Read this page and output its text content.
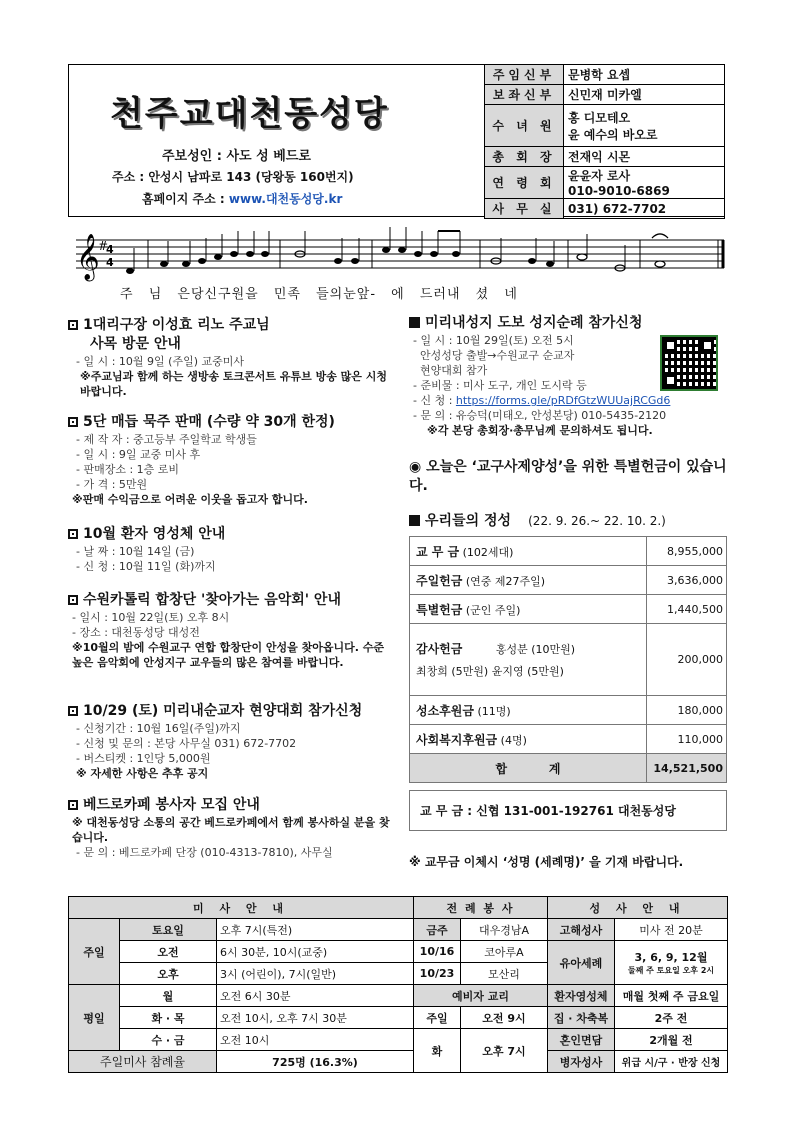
천주교대천동성당
주보성인 : 사도 성 베드로
주소 : 안성시 남파로 143 (당왕동 160번지)
홈페이지 주소 : www.대천동성당.kr
주임신부	문병학 요셉
보좌신부	신민재 미카엘
수 녀 원	홍 디모테오
윤 예수의 바오로

총 회 장	전재익 시몬
연 령 회	윤윤자 로사
010-9010-6869

사 무 실	031) 672-7702
𝄞
#
4
4
주 님 은당신구원을 민족 들의눈앞- 에 드러내 셨 네
1대리구장 이성효 리노 주교님
사목 방문 안내
- 일 시 : 10월 9일 (주일) 교중미사
※주교님과 함께 하는 생방송 토크콘서트 유튜브 방송 많은 시청 바랍니다.
5단 매듭 묵주 판매 (수량 약 30개 한정)
- 제 작 자 : 중고등부 주일학교 학생들
- 일 시 : 9일 교중 미사 후
- 판매장소 : 1층 로비
- 가 격 : 5만원
※판매 수익금으로 어려운 이웃을 돕고자 합니다.
10월 환자 영성체 안내
- 날 짜 : 10월 14일 (금)
- 신 청 : 10월 11일 (화)까지
수원카톨릭 합창단 '찾아가는 음악회' 안내
- 일시 : 10월 22일(토) 오후 8시
- 장소 : 대천동성당 대성전
※10월의 밤에 수원교구 연합 합창단이 안성을 찾아옵니다. 수준 높은 음악회에 안성지구 교우들의 많은 참여를 바랍니다.
10/29 (토) 미리내순교자 현양대회 참가신청
- 신청기간 : 10월 16일(주일)까지
- 신청 및 문의 : 본당 사무실 031) 672-7702
- 버스티켓 : 1인당 5,000원
※ 자세한 사항은 추후 공지
베드로카페 봉사자 모집 안내
※ 대천동성당 소통의 공간 베드로카페에서 함께 봉사하실 분을 찾습니다.
- 문 의 : 베드로카페 단장 (010-4313-7810), 사무실
미리내성지 도보 성지순례 참가신청
- 일 시 : 10월 29일(토) 오전 5시
안성성당 출발→수원교구 순교자
현양대회 참가
- 준비물 : 미사 도구, 개인 도시락 등
- 신 청 : https://forms.gle/pRDfGtzWUUajRCGd6
- 문 의 : 유승덕(미태오, 안성본당) 010-5435-2120
※각 본당 총회장·총무님께 문의하셔도 됩니다.
◉ 오늘은 ‘교구사제양성’을 위한 특별헌금이 있습니다.
우리들의 정성 (22. 9. 26.~ 22. 10. 2.)
교 무 금 (102세대)	8,955,000
주일헌금 (연중 제27주일)	3,636,000
특별헌금 (군인 주일)	1,440,500

감사헌금 홍성분 (10만원)
최창희 (5만원) 윤지영 (5만원)	200,000
성소후원금 (11명)	180,000
사회복지후원금 (4명)	110,000
합          계	14,521,500

교 무 금 : 신협 131-001-192761 대천동성당	
※ 교무금 이체시 ‘성명 (세례명)’ 을 기재 바랍니다.
미 사 안 내			전 례 봉 사		성 사 안 내	
주일	토요일	오후 7시(특전)	금주	대우경남A	고해성사	미사 전 20분
	오전	6시 30분, 10시(교중)	10/16	코아루A	유아세례	3, 6, 9, 12월
둘째 주 토요일 오후 2시

	오후	3시 (어린이), 7시(일반)	10/23	모산리		
평일	월	오전 6시 30분	예비자 교리		환자영성체	매월 첫째 주 금요일
	화 · 목	오전 10시, 오후 7시 30분	주일	오전 9시	집 · 차축복	2주 전
	수 · 금	오전 10시	화	오후 7시	혼인면담	2개월 전
주일미사 참례율		725명 (16.3%)			병자성사	위급 시/구 · 반장 신청
